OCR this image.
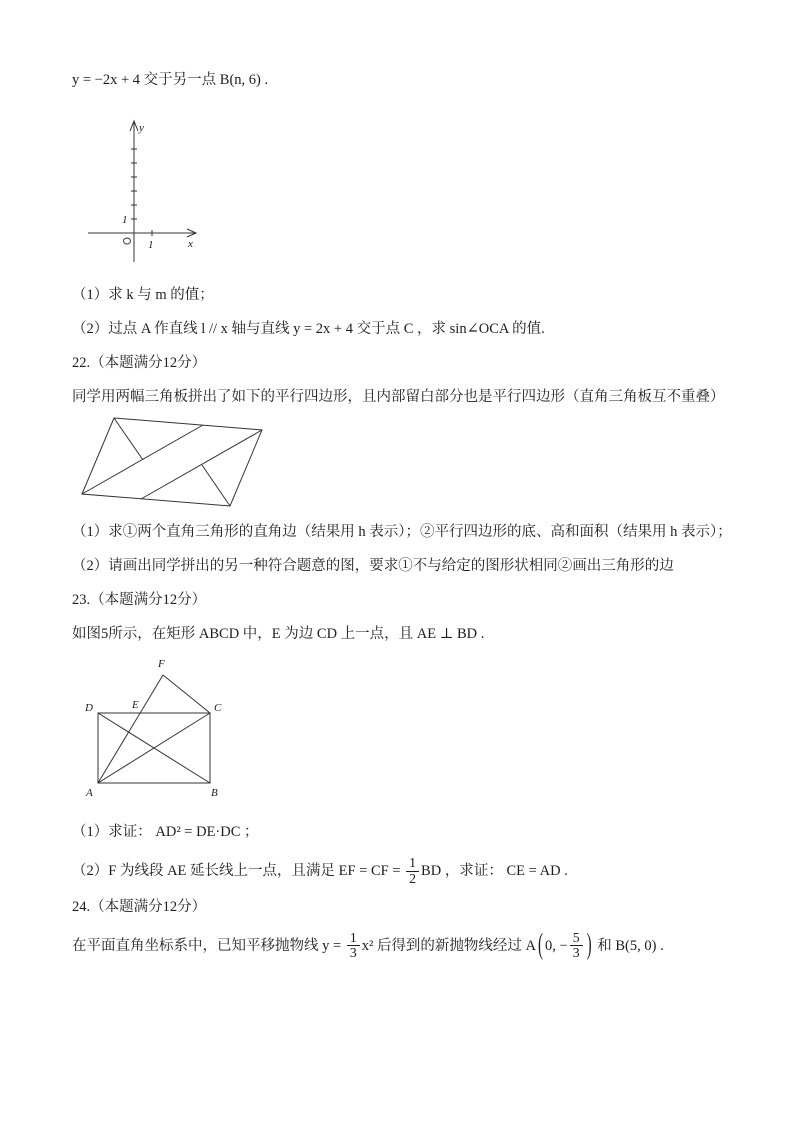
y = −2x + 4 交于另一点 B(n, 6) .

y
x
1
1

（1）求 k 与 m 的值；

（2）过点 A 作直线 l // x 轴与直线 y = 2x + 4 交于点 C ，求 sin∠OCA 的值.

22.（本题满分12分）

同学用两幅三角板拼出了如下的平行四边形，且内部留白部分也是平行四边形（直角三角板互不重叠）

（1）求①两个直角三角形的直角边（结果用 h 表示）；②平行四边形的底、高和面积（结果用 h 表示）；

（2）请画出同学拼出的另一种符合题意的图，要求①不与给定的图形状相同②画出三角形的边

23.（本题满分12分）

如图5所示，在矩形 ABCD 中，E 为边 CD 上一点，且 AE ⊥ BD .

A	B
C
D	E
F

（1）求证： AD² = DE·DC ；

（2）F 为线段 AE 延长线上一点，且满足 EF = CF = $\frac{1}{2}$ BD ，求证： CE = AD .

24.（本题满分12分）

在平面直角坐标系中，已知平移抛物线 $y = \frac{1}{3} x^2$ 后得到的新抛物线经过 A ( 0, − $\frac{5}{3}$ ) 和 B(5, 0) .
